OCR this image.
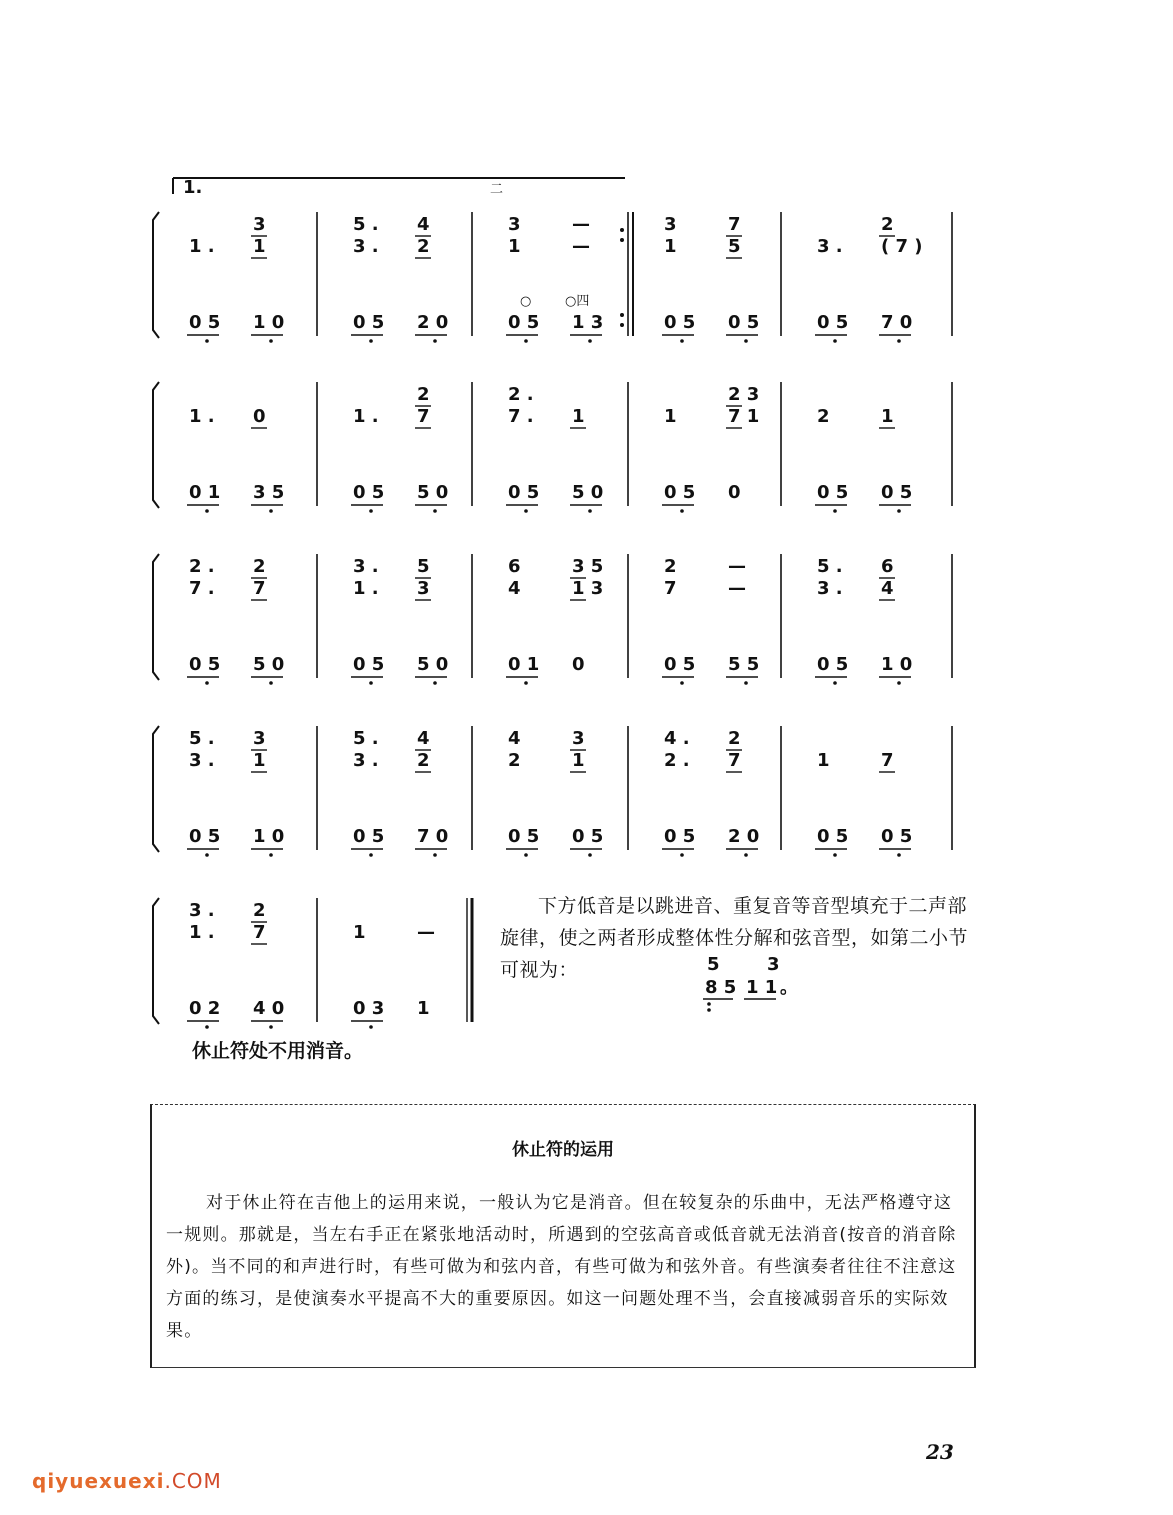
1.	二
○	○四
3
1 . 1
0 5 1 0
5 . 4
3 . 2
0 5 2 0
3	—
1	—
0 5 1 3
3	7
1	5
0 5 0 5
2
3 . ( 7 )
0 5 7 0
1 . 0
0 1 3 5
2
1 . 7
0 5 5 0
2 .
7 . 1
0 5 5 0
2 3
1	7 1
0 5 0
2	1
0 5 0 5
2 . 2
7 . 7
0 5 5 0
3 . 5
1 . 3
0 5 5 0
6	3 5
4	1 3
0 1 0
2	—
7	—
0 5 5 5
5 . 6
3 . 4
0 5 1 0
5 . 3
3 . 1
0 5 1 0
5 . 4
3 . 2
0 5 7 0
4	3
2	1
0 5 0 5
4 . 2
2 . 7
0 5 2 0
1	7
0 5 0 5
3 . 2
1 . 7
0 2 4 0
1	—
0 3 1
5
8 5
3
1 1 。
下方低音是以跳进音、重复音等音型填充于二声部旋律，使之两者形成整体性分解和弦音型，如第二小节可视为：
休止符处不用消音。
休止符的运用
对于休止符在吉他上的运用来说，一般认为它是消音。但在较复杂的乐曲中，无法严格遵守这一规则。那就是，当左右手正在紧张地活动时，所遇到的空弦高音或低音就无法消音(按音的消音除外)。当不同的和声进行时，有些可做为和弦内音，有些可做为和弦外音。有些演奏者往往不注意这方面的练习，是使演奏水平提高不大的重要原因。如这一问题处理不当，会直接减弱音乐的实际效果。
23
qiyuexuexi.COM
